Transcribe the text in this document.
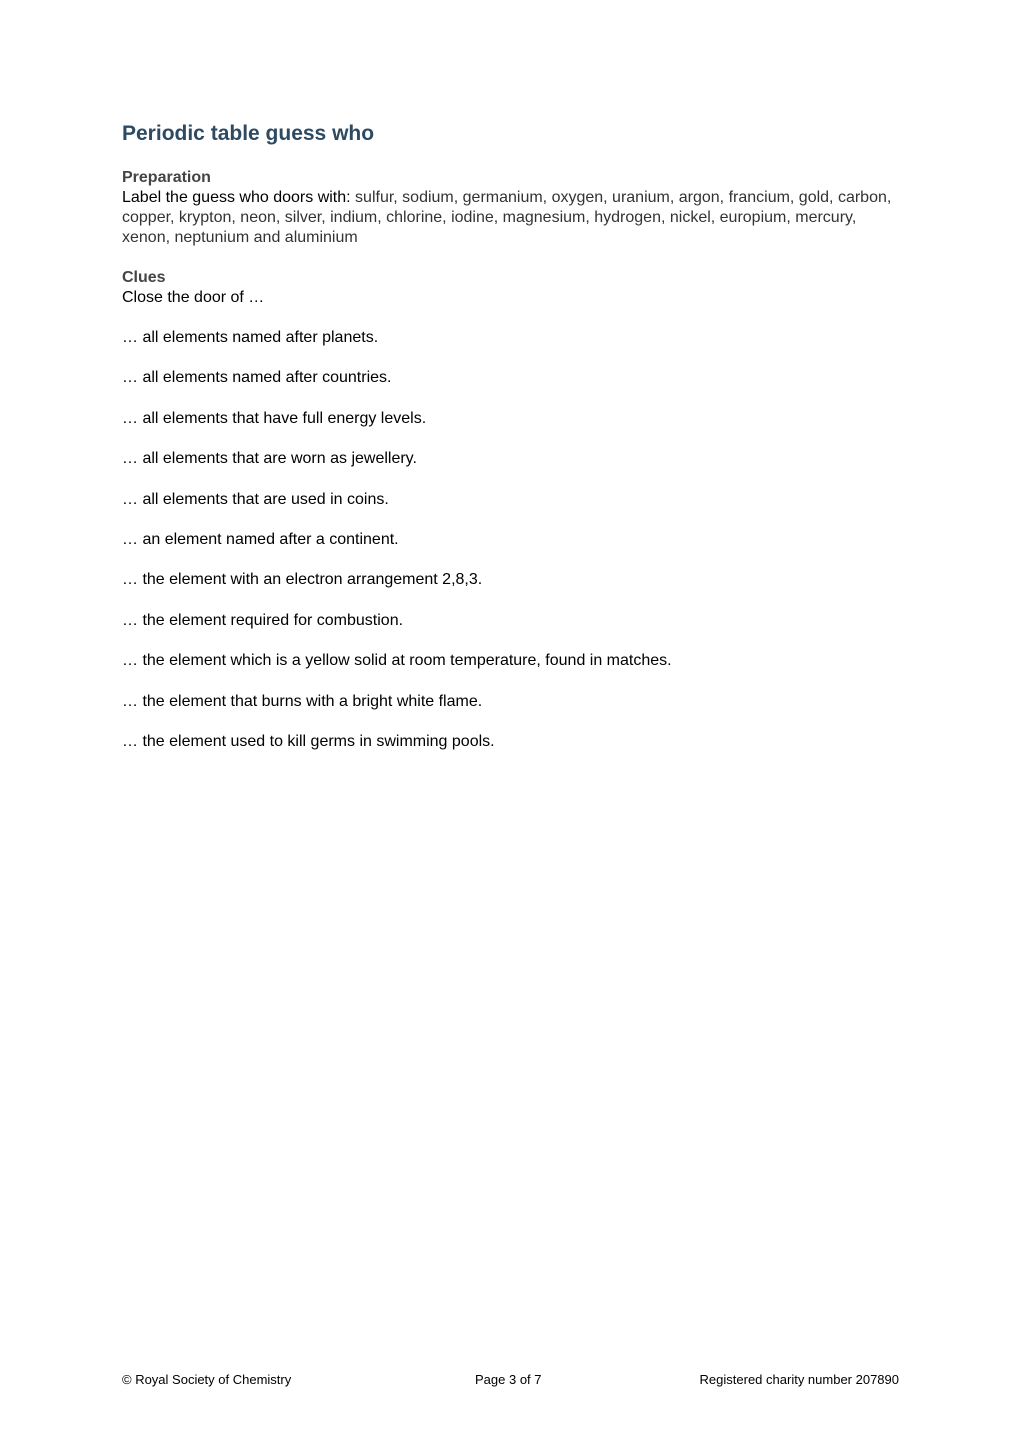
Periodic table guess who
Preparation

Label the guess who doors with: sulfur, sodium, germanium, oxygen, uranium, argon, francium, gold, carbon, copper, krypton, neon, silver, indium, chlorine, iodine, magnesium, hydrogen, nickel, europium, mercury, xenon, neptunium and aluminium

Clues

Close the door of …

… all elements named after planets.
… all elements named after countries.
… all elements that have full energy levels.
… all elements that are worn as jewellery.
… all elements that are used in coins.
… an element named after a continent.
… the element with an electron arrangement 2,8,3.
… the element required for combustion.
… the element which is a yellow solid at room temperature, found in matches.
… the element that burns with a bright white flame.
… the element used to kill germs in swimming pools.
© Royal Society of Chemistry	Page 3 of 7	Registered charity number 207890
